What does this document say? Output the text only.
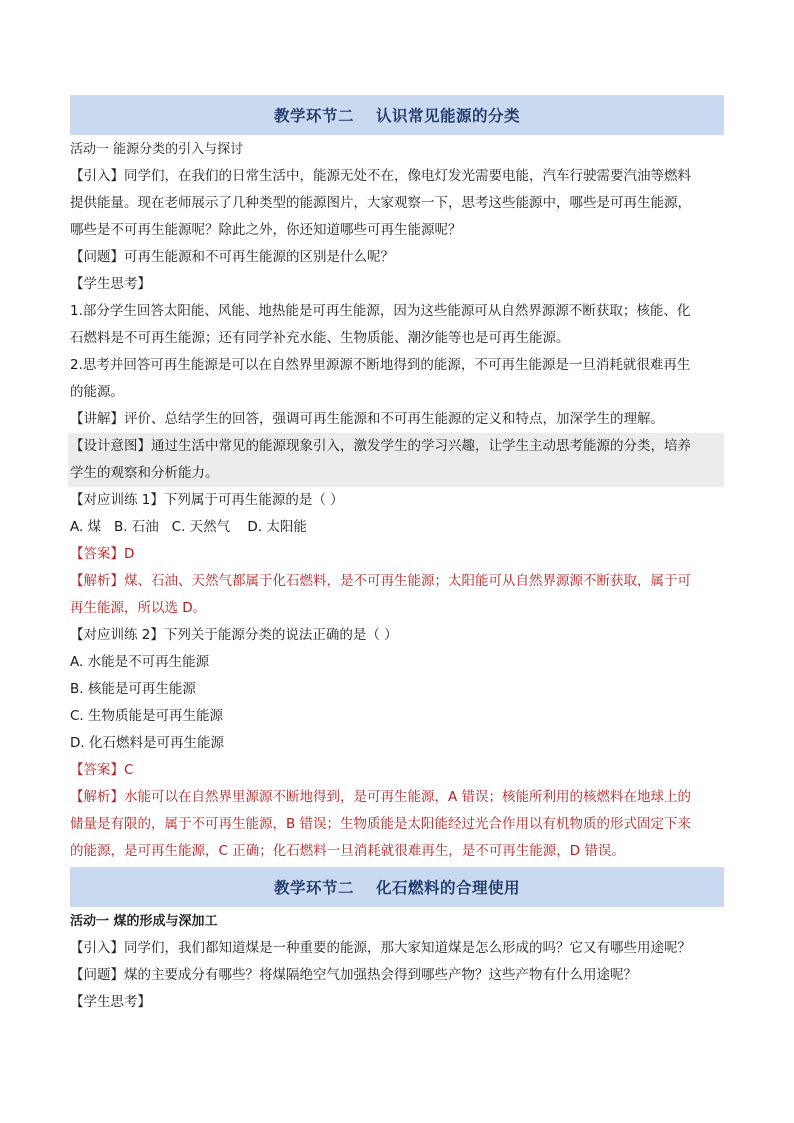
教学环节二 认识常见能源的分类
活动一 能源分类的引入与探讨
【引入】同学们，在我们的日常生活中，能源无处不在，像电灯发光需要电能，汽车行驶需要汽油等燃料
提供能量。现在老师展示了几种类型的能源图片，大家观察一下，思考这些能源中，哪些是可再生能源，
哪些是不可再生能源呢？除此之外，你还知道哪些可再生能源呢？
【问题】可再生能源和不可再生能源的区别是什么呢？
【学生思考】
1.部分学生回答太阳能、风能、地热能是可再生能源，因为这些能源可从自然界源源不断获取；核能、化
石燃料是不可再生能源；还有同学补充水能、生物质能、潮汐能等也是可再生能源。
2.思考并回答可再生能源是可以在自然界里源源不断地得到的能源，不可再生能源是一旦消耗就很难再生
的能源。
【讲解】评价、总结学生的回答，强调可再生能源和不可再生能源的定义和特点，加深学生的理解。
【设计意图】通过生活中常见的能源现象引入，激发学生的学习兴趣，让学生主动思考能源的分类，培养
学生的观察和分析能力。
【对应训练 1】下列属于可再生能源的是（ ）
A. 煤   B. 石油   C. 天然气    D. 太阳能
【答案】D
【解析】煤、石油、天然气都属于化石燃料，是不可再生能源；太阳能可从自然界源源不断获取，属于可
再生能源，所以选 D。
【对应训练 2】下列关于能源分类的说法正确的是（ ）
A. 水能是不可再生能源
B. 核能是可再生能源
C. 生物质能是可再生能源
D. 化石燃料是可再生能源
【答案】C
【解析】水能可以在自然界里源源不断地得到，是可再生能源，A 错误；核能所利用的核燃料在地球上的
储量是有限的，属于不可再生能源，B 错误；生物质能是太阳能经过光合作用以有机物质的形式固定下来
的能源，是可再生能源，C 正确；化石燃料一旦消耗就很难再生，是不可再生能源，D 错误。
教学环节二 化石燃料的合理使用
活动一 煤的形成与深加工
【引入】同学们，我们都知道煤是一种重要的能源，那大家知道煤是怎么形成的吗？它又有哪些用途呢？
【问题】煤的主要成分有哪些？将煤隔绝空气加强热会得到哪些产物？这些产物有什么用途呢？
【学生思考】
